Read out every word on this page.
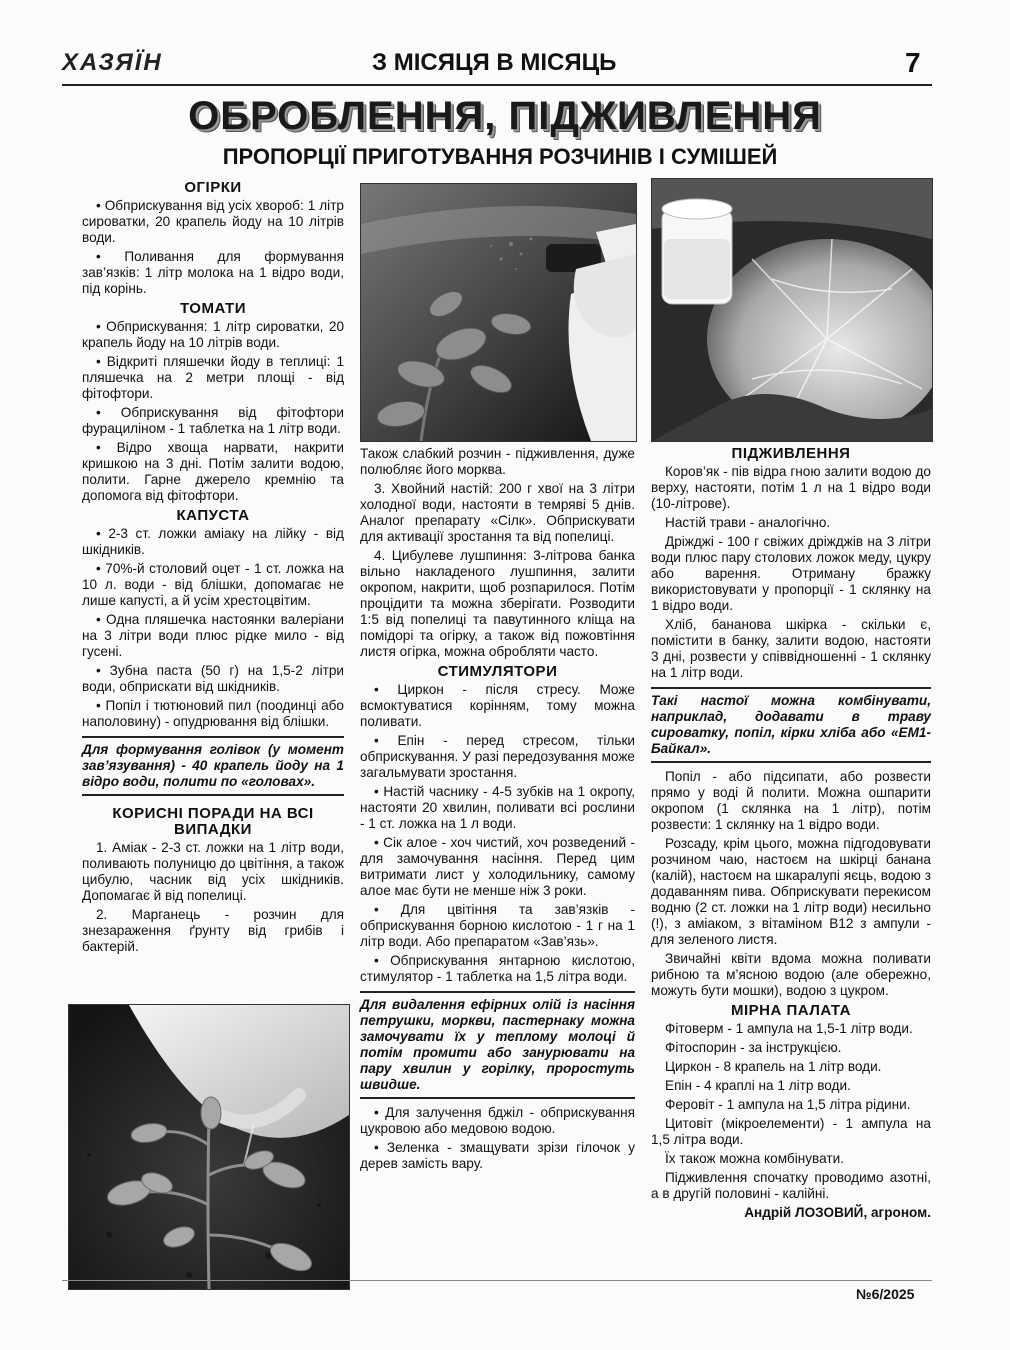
ХАЗЯЇН	З МІСЯЦЯ В МІСЯЦЬ	7
ОБРОБЛЕННЯ, ПІДЖИВЛЕННЯ
ПРОПОРЦІЇ ПРИГОТУВАННЯ РОЗЧИНІВ І СУМІШЕЙ
ОГІРКИ

• Обприскування від усіх хвороб: 1 літр сироватки, 20 крапель йоду на 10 літрів води.

• Поливання для формування зав’язків: 1 літр молока на 1 відро води, під корінь.

ТОМАТИ

• Обприскування: 1 літр сироватки, 20 крапель йоду на 10 літрів води.

• Відкриті пляшечки йоду в теплиці: 1 пляшечка на 2 метри площі - від фітофтори.

• Обприскування від фітофтори фурациліном - 1 таблетка на 1 літр води.

• Відро хвоща нарвати, накрити кришкою на 3 дні. Потім залити водою, полити. Гарне джерело кремнію та допомога від фітофтори.

КАПУСТА

• 2-3 ст. ложки аміаку на лійку - від шкідників.

• 70%-й столовий оцет - 1 ст. ложка на 10 л. води - від блішки, допомагає не лише капусті, а й усім хрестоцвітим.

• Одна пляшечка настоянки валеріани на 3 літри води плюс рідке мило - від гусені.

• Зубна паста (50 г) на 1,5-2 літри води, обприскати від шкідників.

• Попіл і тютюновий пил (поодинці або наполовину) - опудрювання від блішки.

Для формування голівок (у момент зав’язування) - 40 крапель йоду на 1 відро води, полити по «головах».

КОРИСНІ ПОРАДИ НА ВСІ ВИПАДКИ

1. Аміак - 2-3 ст. ложки на 1 літр води, поливають полуницю до цвітіння, а також цибулю, часник від усіх шкідників. Допомагає й від попелиці.

2. Марганець - розчин для знезараження ґрунту від грибів і бактерій.

Також слабкий розчин - підживлення, дуже полюбляє його морква.

3. Хвойний настій: 200 г хвої на 3 літри холодної води, настояти в темряві 5 днів. Аналог препарату «Сілк». Обприскувати для активації зростання та від попелиці.

4. Цибулеве лушпиння: 3-літрова банка вільно накладеного лушпиння, залити окропом, накрити, щоб розпарилося. Потім процідити та можна зберігати. Розводити 1:5 від попелиці та павутинного кліща на помідорі та огірку, а також від пожовтіння листя огірка, можна обробляти часто.

СТИМУЛЯТОРИ

• Циркон - після стресу. Може всмоктуватися корінням, тому можна поливати.

• Епін - перед стресом, тільки обприскування. У разі передозування може загальмувати зростання.

• Настій часнику - 4-5 зубків на 1 окропу, настояти 20 хвилин, поливати всі рослини - 1 ст. ложка на 1 л води.

• Сік алое - хоч чистий, хоч розведений - для замочування насіння. Перед цим витримати лист у холодильнику, самому алое має бути не менше ніж 3 роки.

• Для цвітіння та зав’язків - обприскування борною кислотою - 1 г на 1 літр води. Або препаратом «Зав’язь».

• Обприскування янтарною кислотою, стимулятор - 1 таблетка на 1,5 літра води.

Для видалення ефірних олій із насіння петрушки, моркви, пастернаку можна замочувати їх у теплому молоці й потім промити або занурювати на пару хвилин у горілку, проростуть швидше.

• Для залучення бджіл - обприскування цукровою або медовою водою.

• Зеленка - змащувати зрізи гілочок у дерев замість вару.

ПІДЖИВЛЕННЯ

Коров’як - пів відра гною залити водою до верху, настояти, потім 1 л на 1 відро води (10-літрове).

Настій трави - аналогічно.

Дріжджі - 100 г свіжих дріжджів на 3 літри води плюс пару столових ложок меду, цукру або варення. Отриману бражку використовувати у пропорції - 1 склянку на 1 відро води.

Хліб, бананова шкірка - скільки є, помістити в банку, залити водою, настояти 3 дні, розвести у співвідношенні - 1 склянку на 1 літр води.

Такі настої можна комбінувати, наприклад, додавати в траву сироватку, попіл, кірки хліба або «ЕМ1-Байкал».

Попіл - або підсипати, або розвести прямо у воді й полити. Можна ошпарити окропом (1 склянка на 1 літр), потім розвести: 1 склянку на 1 відро води.

Розсаду, крім цього, можна підгодовувати розчином чаю, настоєм на шкірці банана (калій), настоєм на шкаралупі яєць, водою з додаванням пива. Обприскувати перекисом водню (2 ст. ложки на 1 літр води) несильно (!), з аміаком, з вітаміном В12 з ампули - для зеленого листя.

Звичайні квіти вдома можна поливати рибною та м’ясною водою (але обережно, можуть бути мошки), водою з цукром.

МІРНА ПАЛАТА

Фітоверм - 1 ампула на 1,5-1 літр води.

Фітоспорин - за інструкцією.

Циркон - 8 крапель на 1 літр води.

Епін - 4 краплі на 1 літр води.

Феровіт - 1 ампула на 1,5 літра рідини.

Цитовіт (мікроелементи) - 1 ампула на 1,5 літра води.

Їх також можна комбінувати.

Підживлення спочатку проводимо азотні, а в другій половині - калійні.

Андрій ЛОЗОВИЙ, агроном.

№6/2025
